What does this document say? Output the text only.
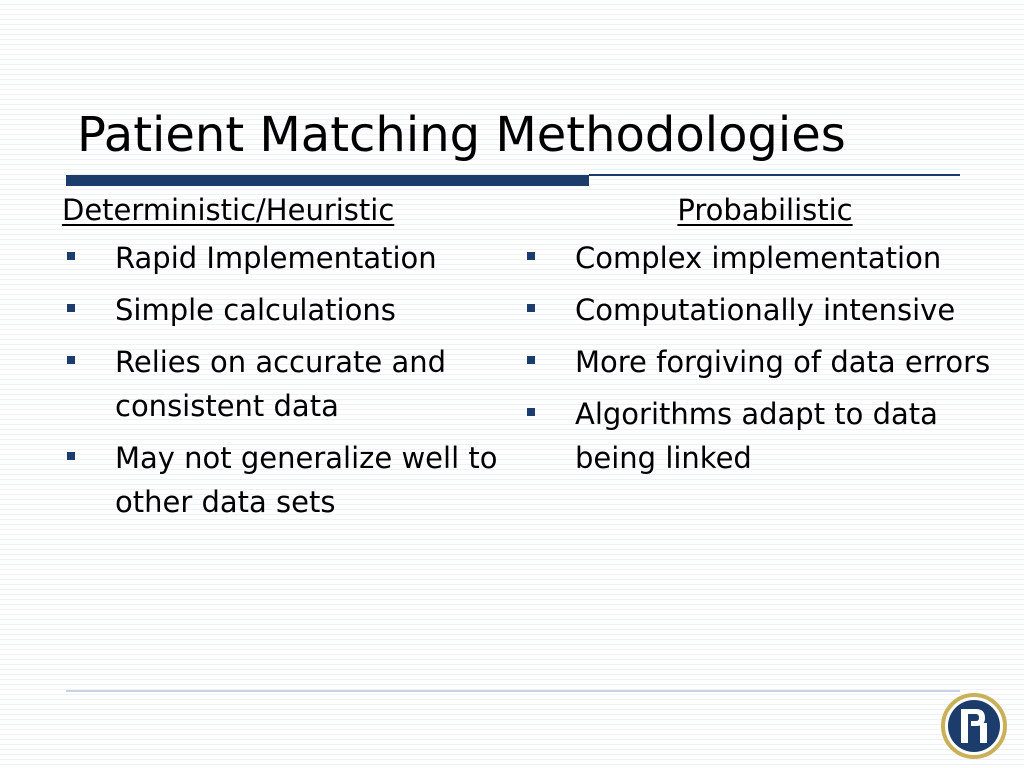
Patient Matching Methodologies
Deterministic/Heuristic
Rapid Implementation
Simple calculations
Relies on accurate and consistent data
May not generalize well to other data sets
Probabilistic
Complex implementation
Computationally intensive
More forgiving of data errors
Algorithms adapt to data being linked
